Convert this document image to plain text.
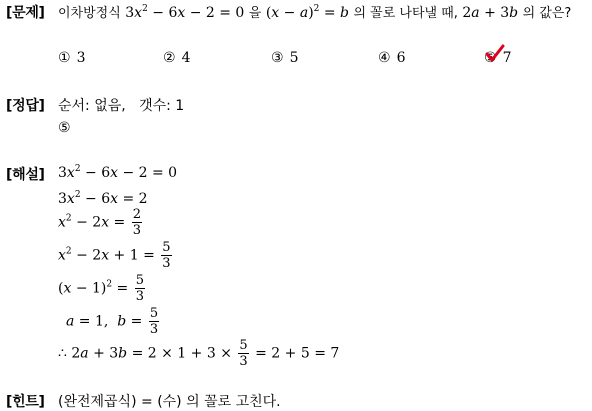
[문제] 이차방정식 $3x^2 - 6x - 2 = 0$ 을 $(x - a)^2 = b$ 의 꼴로 나타낼 때, 2a + 3b 의 값은?
① 3	② 4	③ 5	④ 6	⑤ 7
[정답] 순서: 없음,   갯수: 1
⑤
[해설] $3x^2 - 6x - 2 = 0$
$3x^2 - 6x = 2$
$x^2 - 2x = \frac{2}{3}$
$x^2 - 2x + 1 = \frac{5}{3}$
$(x - 1)^2 = \frac{5}{3}$
a = 1,  $b = \frac{5}{3}$
∴ $2a + 3b = 2 \times 1 + 3 \times \frac{5}{3} = 2 + 5 = 7$
[힌트] (완전제곱식) = (수) 의 꼴로 고친다.
